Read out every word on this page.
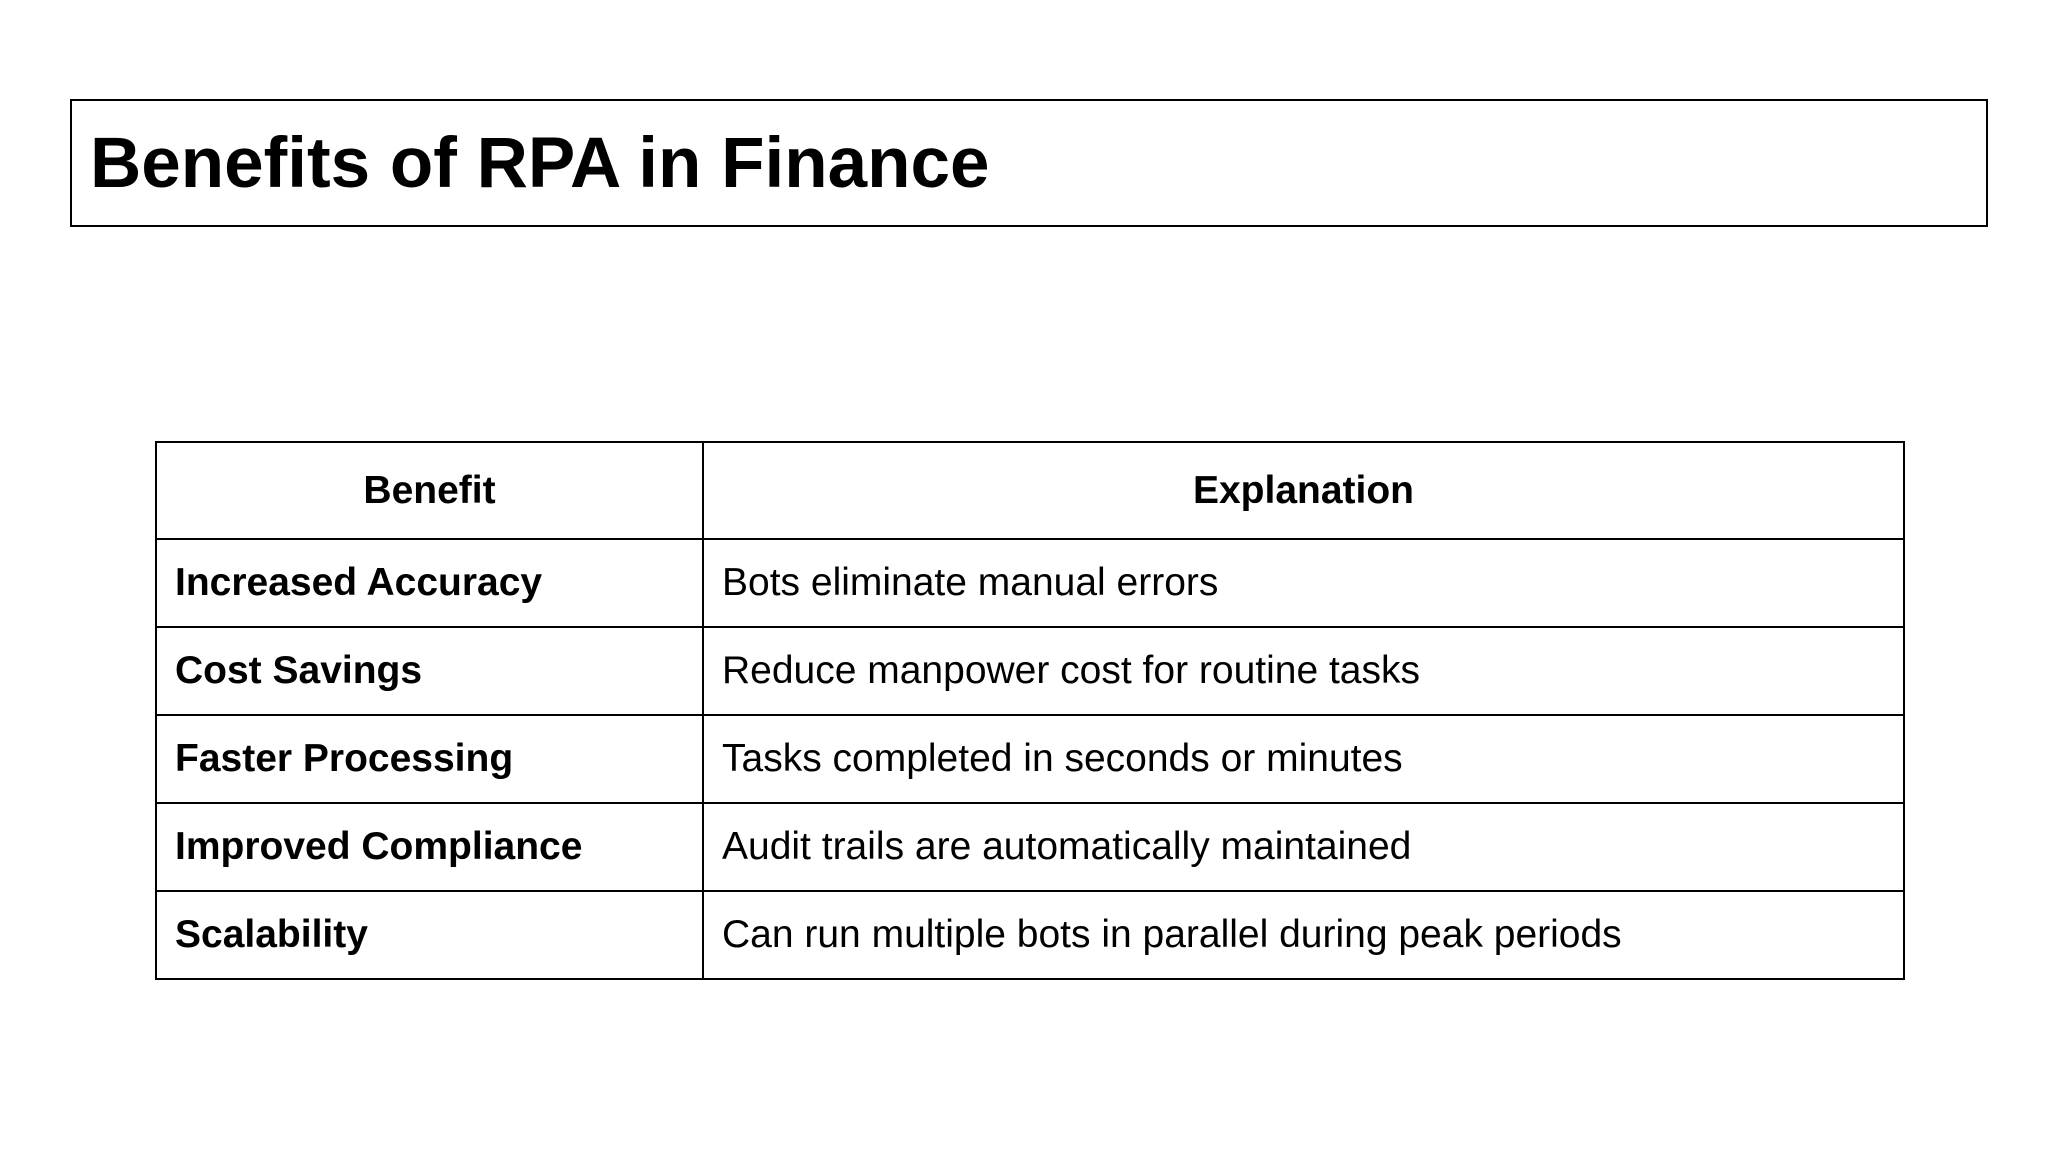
Benefits of RPA in Finance
Benefit	Explanation
Increased Accuracy	Bots eliminate manual errors
Cost Savings	Reduce manpower cost for routine tasks
Faster Processing	Tasks completed in seconds or minutes
Improved Compliance	Audit trails are automatically maintained
Scalability	Can run multiple bots in parallel during peak periods
